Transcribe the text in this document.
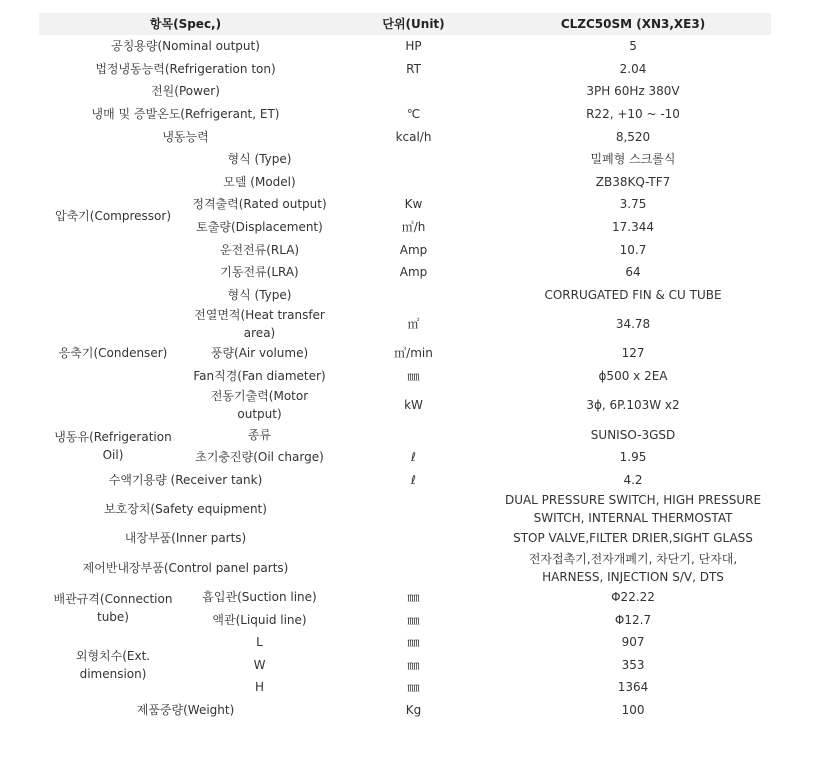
항목(Spec,)		단위(Unit)	CLZC50SM (XN3,XE3)
공칭용량(Nominal output)		HP	5
법정냉동능력(Refrigeration ton)		RT	2.04
전원(Power)			3PH 60Hz 380V
냉매 및 증발온도(Refrigerant, ET)		℃	R22, +10 ~ -10
냉동능력		kcal/h	8,520
압축기(Compressor)	형식 (Type)		밀폐형 스크롤식
	모델 (Model)		ZB38KQ-TF7
	정격출력(Rated output)	Kw	3.75
	토출량(Displacement)	㎥/h	17.344
	운전전류(RLA)	Amp	10.7
	기동전류(LRA)	Amp	64
응축기(Condenser)	형식 (Type)		CORRUGATED FIN & CU TUBE
	전열면적(Heat transfer area)	㎡	34.78
	풍량(Air volume)	㎥/min	127
	Fan직경(Fan diameter)	㎜	ϕ500 x 2EA
	전동기출력(Motor output)	kW	3ϕ, 6P.103W x2
냉동유(Refrigeration Oil)	종류		SUNISO-3GSD
	초기충진량(Oil charge)	ℓ	1.95
수액기용량 (Receiver tank)		ℓ	4.2
보호장치(Safety equipment)			DUAL PRESSURE SWITCH, HIGH PRESSURE SWITCH, INTERNAL THERMOSTAT
내장부품(Inner parts)			STOP VALVE,FILTER DRIER,SIGHT GLASS
제어반내장부품(Control panel parts)			전자접촉기,전자개폐기, 차단기, 단자대, HARNESS, INJECTION S/V, DTS
배관규격(Connection tube)	흡입관(Suction line)	㎜	Φ22.22
	액관(Liquid line)	㎜	Φ12.7
외형치수(Ext. dimension)	L	㎜	907
	W	㎜	353
	H	㎜	1364
제품중량(Weight)		Kg	100
